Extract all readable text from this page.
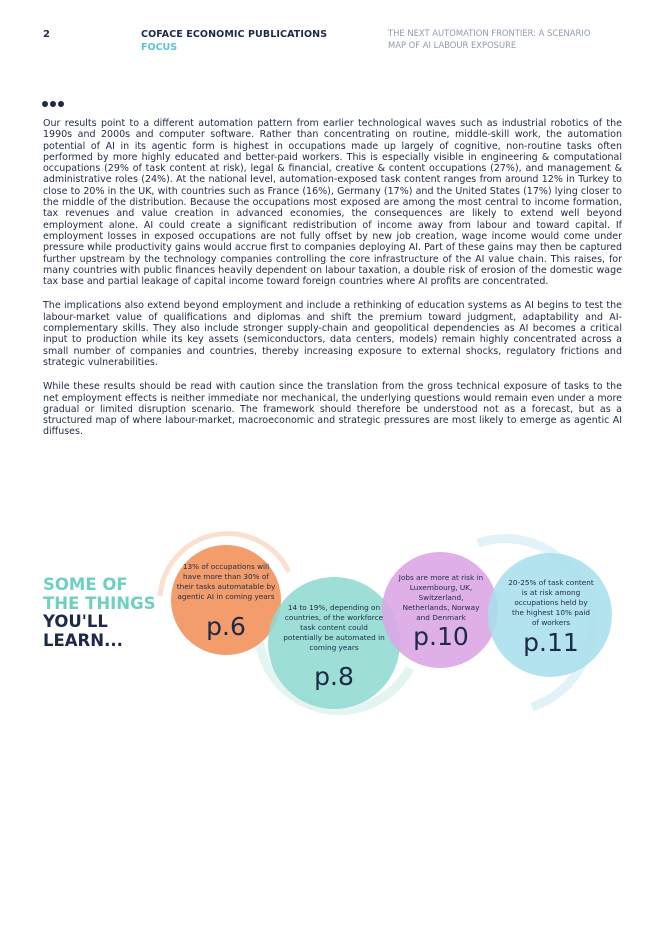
2	COFACE ECONOMIC PUBLICATIONS
FOCUS
THE NEXT AUTOMATION FRONTIER: A SCENARIO MAP OF AI LABOUR EXPOSURE

Our results point to a different automation pattern from earlier technological waves such as industrial robotics of the 1990s and 2000s and computer software. Rather than concentrating on routine, middle-skill work, the automation potential of AI in its agentic form is highest in occupations made up largely of cognitive, non-routine tasks often performed by more highly educated and better-paid workers. This is especially visible in engineering & computational occupations (29% of task content at risk), legal & financial, creative & content occupations (27%), and management & administrative roles (24%). At the national level, automation-exposed task content ranges from around 12% in Turkey to close to 20% in the UK, with countries such as France (16%), Germany (17%) and the United States (17%) lying closer to the middle of the distribution. Because the occupations most exposed are among the most central to income formation, tax revenues and value creation in advanced economies, the consequences are likely to extend well beyond employment alone. AI could create a significant redistribution of income away from labour and toward capital. If employment losses in exposed occupations are not fully offset by new job creation, wage income would come under pressure while productivity gains would accrue first to companies deploying AI. Part of these gains may then be captured further upstream by the technology companies controlling the core infrastructure of the AI value chain. This raises, for many countries with public finances heavily dependent on labour taxation, a double risk of erosion of the domestic wage tax base and partial leakage of capital income toward foreign countries where AI profits are concentrated.

The implications also extend beyond employment and include a rethinking of education systems as AI begins to test the labour-market value of qualifications and diplomas and shift the premium toward judgment, adaptability and AI-complementary skills. They also include stronger supply-chain and geopolitical dependencies as AI becomes a critical input to production while its key assets (semiconductors, data centers, models) remain highly concentrated across a small number of companies and countries, thereby increasing exposure to external shocks, regulatory frictions and strategic vulnerabilities.

While these results should be read with caution since the translation from the gross technical exposure of tasks to the net employment effects is neither immediate nor mechanical, the underlying questions would remain even under a more gradual or limited disruption scenario. The framework should therefore be understood not as a forecast, but as a structured map of where labour-market, macroeconomic and strategic pressures are most likely to emerge as agentic AI diffuses.

SOME OF
THE THINGS
YOU'LL
LEARN...
13% of occupations will have more than 30% of their tasks automatable by agentic AI in coming years
p.6
14 to 19%, depending on countries, of the workforce task content could potentially be automated in coming years
p.8
Jobs are more at risk in Luxembourg, UK, Switzerland, Netherlands, Norway and Denmark
p.10
20-25% of task content is at risk among occupations held by the highest 10% paid of workers
p.11
